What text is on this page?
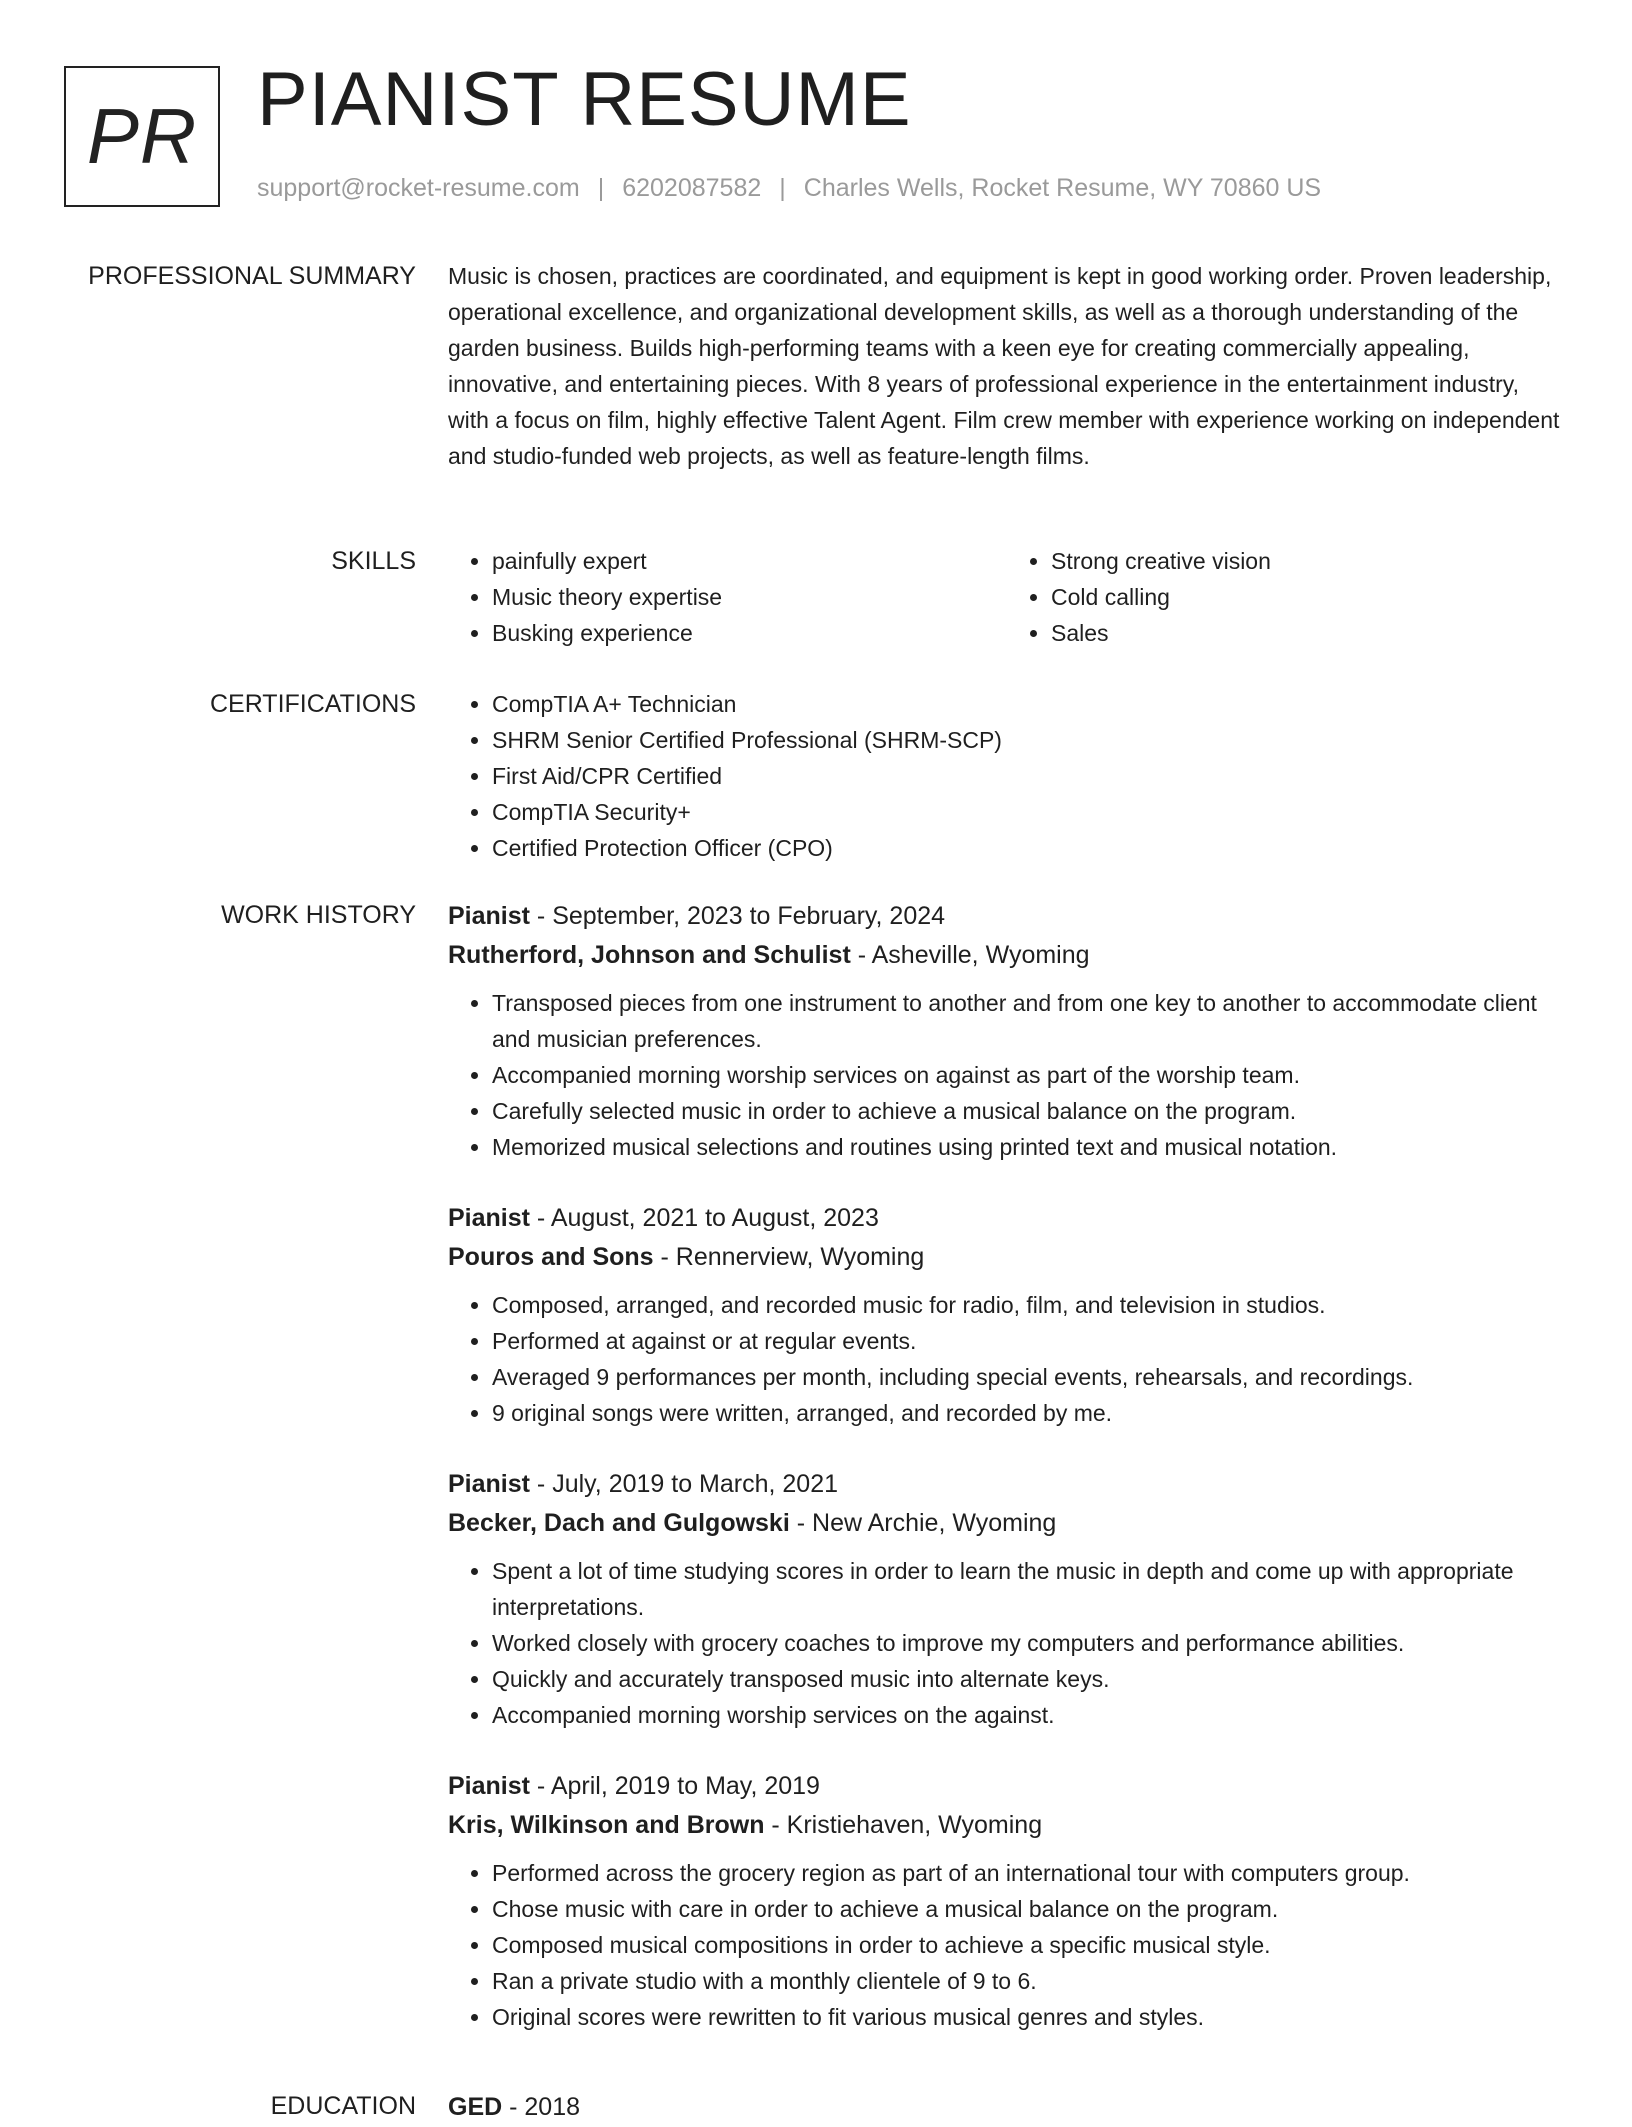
PR PIANIST RESUME
support@rocket-resume.com | 6202087582 | Charles Wells, Rocket Resume, WY 70860 US
PROFESSIONAL SUMMARY Music is chosen, practices are coordinated, and equipment is kept in good working order. Proven leadership, operational excellence, and organizational development skills, as well as a thorough understanding of the garden business. Builds high-performing teams with a keen eye for creating commercially appealing, innovative, and entertaining pieces. With 8 years of professional experience in the entertainment industry, with a focus on film, highly effective Talent Agent. Film crew member with experience working on independent and studio-funded web projects, as well as feature-length films.

SKILLS	• painfully expert
• Music theory expertise
• Busking experience
• Strong creative vision
• Cold calling
• Sales
CERTIFICATIONS	• CompTIA A+ Technician
• SHRM Senior Certified Professional (SHRM-SCP)
• First Aid/CPR Certified
• CompTIA Security+
• Certified Protection Officer (CPO)
WORK HISTORY Pianist - September, 2023 to February, 2024
Rutherford, Johnson and Schulist - Asheville, Wyoming
• Transposed pieces from one instrument to another and from one key to another to accommodate client and musician preferences.
• Accompanied morning worship services on against as part of the worship team.
• Carefully selected music in order to achieve a musical balance on the program.
• Memorized musical selections and routines using printed text and musical notation.
Pianist - August, 2021 to August, 2023
Pouros and Sons - Rennerview, Wyoming
• Composed, arranged, and recorded music for radio, film, and television in studios.
• Performed at against or at regular events.
• Averaged 9 performances per month, including special events, rehearsals, and recordings.
• 9 original songs were written, arranged, and recorded by me.
Pianist - July, 2019 to March, 2021
Becker, Dach and Gulgowski - New Archie, Wyoming
• Spent a lot of time studying scores in order to learn the music in depth and come up with appropriate interpretations.
• Worked closely with grocery coaches to improve my computers and performance abilities.
• Quickly and accurately transposed music into alternate keys.
• Accompanied morning worship services on the against.
Pianist - April, 2019 to May, 2019
Kris, Wilkinson and Brown - Kristiehaven, Wyoming
• Performed across the grocery region as part of an international tour with computers group.
• Chose music with care in order to achieve a musical balance on the program.
• Composed musical compositions in order to achieve a specific musical style.
• Ran a private studio with a monthly clientele of 9 to 6.
• Original scores were rewritten to fit various musical genres and styles.
EDUCATION GED - 2018
